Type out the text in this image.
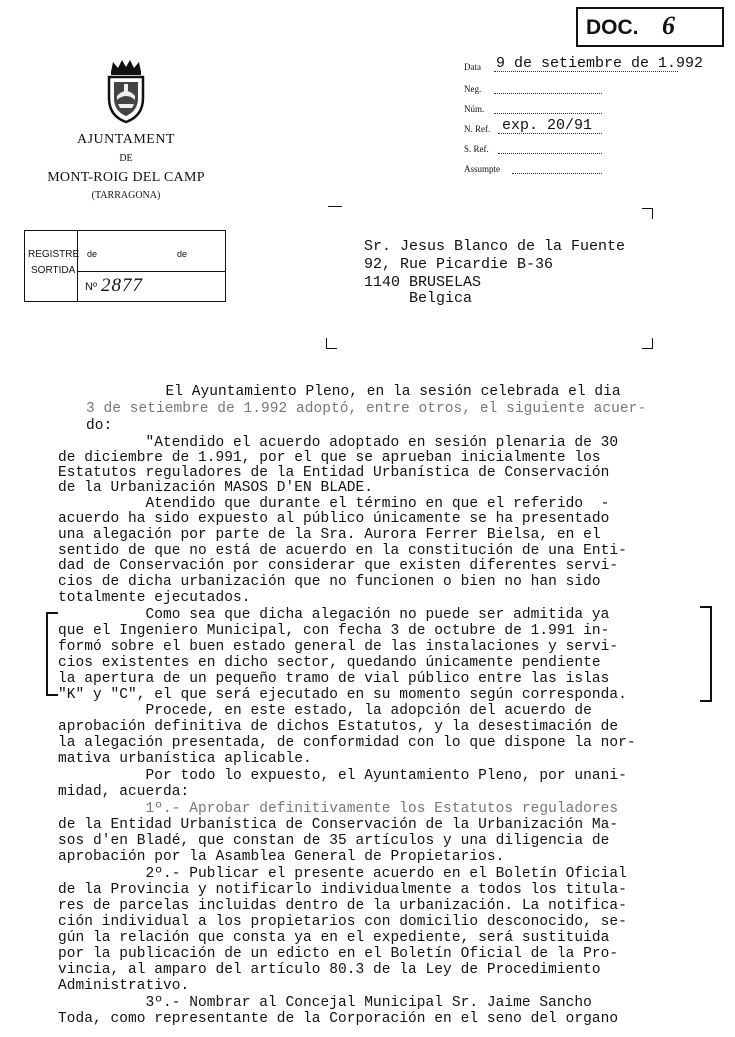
DOC. 6
AJUNTAMENT
DE
MONT-ROIG DEL CAMP
(TARRAGONA)
Data 9 de setiembre de 1.992
Neg.
Núm.
N. Ref. exp. 20/91
S. Ref.
Assumpte
REGISTRE
SORTIDA
de	de
Nº 2877
Sr. Jesus Blanco de la Fuente
92, Rue Picardie B-36
1140 BRUSELAS
Belgica
El Ayuntamiento Pleno, en la sesión celebrada el dia
3 de setiembre de 1.992 adoptó, entre otros, el siguiente acuer-
do:
"Atendido el acuerdo adoptado en sesión plenaria de 30
de diciembre de 1.991, por el que se aprueban inicialmente los
Estatutos reguladores de la Entidad Urbanística de Conservación
de la Urbanización MASOS D'EN BLADE.
Atendido que durante el término en que el referido  -
acuerdo ha sido expuesto al público únicamente se ha presentado
una alegación por parte de la Sra. Aurora Ferrer Bielsa, en el
sentido de que no está de acuerdo en la constitución de una Enti-
dad de Conservación por considerar que existen diferentes servi-
cios de dicha urbanización que no funcionen o bien no han sido
totalmente ejecutados.
Como sea que dicha alegación no puede ser admitida ya
que el Ingeniero Municipal, con fecha 3 de octubre de 1.991 in-
formó sobre el buen estado general de las instalaciones y servi-
cios existentes en dicho sector, quedando únicamente pendiente
la apertura de un pequeño tramo de vial público entre las islas
"K" y "C", el que será ejecutado en su momento según corresponda.
Procede, en este estado, la adopción del acuerdo de
aprobación definitiva de dichos Estatutos, y la desestimación de
la alegación presentada, de conformidad con lo que dispone la nor-
mativa urbanística aplicable.
Por todo lo expuesto, el Ayuntamiento Pleno, por unani-
midad, acuerda:
1º.- Aprobar definitivamente los Estatutos reguladores
de la Entidad Urbanística de Conservación de la Urbanización Ma-
sos d'en Bladé, que constan de 35 artículos y una diligencia de
aprobación por la Asamblea General de Propietarios.
2º.- Publicar el presente acuerdo en el Boletín Oficial
de la Provincia y notificarlo individualmente a todos los titula-
res de parcelas incluidas dentro de la urbanización. La notifica-
ción individual a los propietarios con domicilio desconocido, se-
gún la relación que consta ya en el expediente, será sustituida
por la publicación de un edicto en el Boletín Oficial de la Pro-
vincia, al amparo del artículo 80.3 de la Ley de Procedimiento
Administrativo.
3º.- Nombrar al Concejal Municipal Sr. Jaime Sancho
Toda, como representante de la Corporación en el seno del organo
